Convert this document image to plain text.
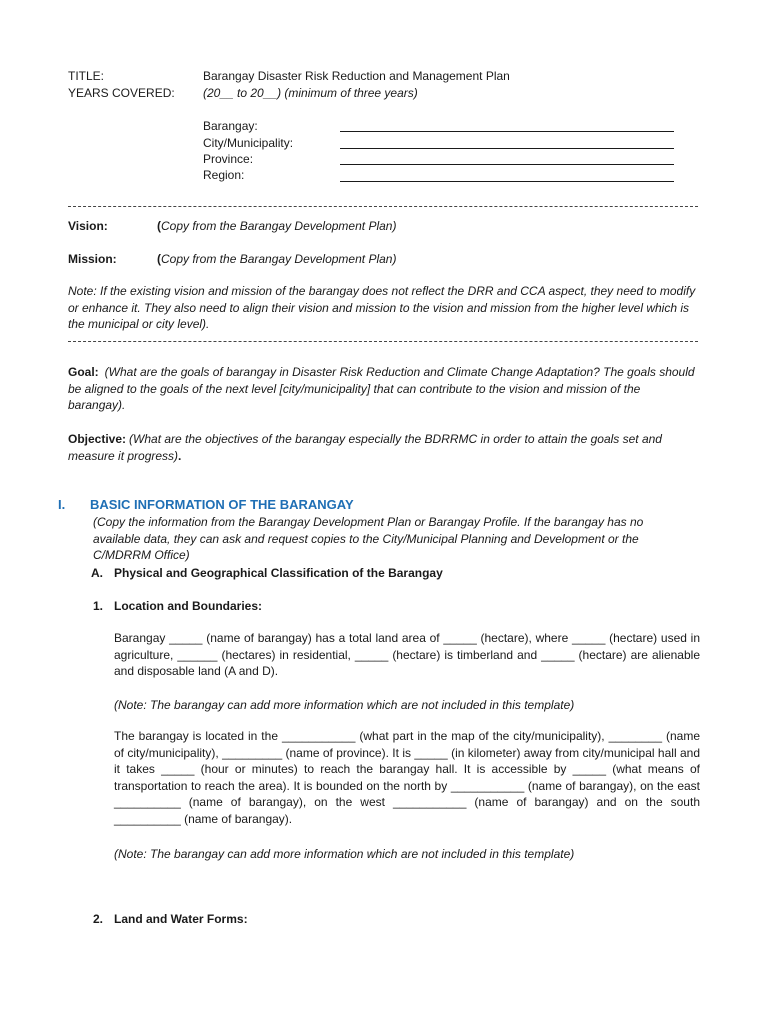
TITLE:	Barangay Disaster Risk Reduction and Management Plan
YEARS COVERED: (20__ to 20__) (minimum of three years)
Barangay:
City/Municipality:
Province:
Region:
Vision:	(Copy from the Barangay Development Plan)
Mission:	(Copy from the Barangay Development Plan)
Note: If the existing vision and mission of the barangay does not reflect the DRR and CCA aspect, they need to modify or enhance it. They also need to align their vision and mission to the vision and mission from the higher level which is the municipal or city level).
Goal: (What are the goals of barangay in Disaster Risk Reduction and Climate Change Adaptation? The goals should be aligned to the goals of the next level [city/municipality] that can contribute to the vision and mission of the barangay).
Objective: (What are the objectives of the barangay especially the BDRRMC in order to attain the goals set and measure it progress).
I. BASIC INFORMATION OF THE BARANGAY
(Copy the information from the Barangay Development Plan or Barangay Profile. If the barangay has no available data, they can ask and request copies to the City/Municipal Planning and Development or the C/MDRRM Office)
A. Physical and Geographical Classification of the Barangay
1. Location and Boundaries:
Barangay _____ (name of barangay) has a total land area of _____ (hectare), where _____ (hectare) used in agriculture, ______ (hectares) in residential, _____ (hectare) is timberland and _____ (hectare) are alienable and disposable land (A and D).
(Note: The barangay can add more information which are not included in this template)
The barangay is located in the ___________ (what part in the map of the city/municipality), ________ (name of city/municipality), _________ (name of province). It is _____ (in kilometer) away from city/municipal hall and it takes _____ (hour or minutes) to reach the barangay hall. It is accessible by _____ (what means of transportation to reach the area). It is bounded on the north by ___________ (name of barangay), on the east __________ (name of barangay), on the west ___________ (name of barangay) and on the south __________ (name of barangay).
(Note: The barangay can add more information which are not included in this template)
2. Land and Water Forms:
